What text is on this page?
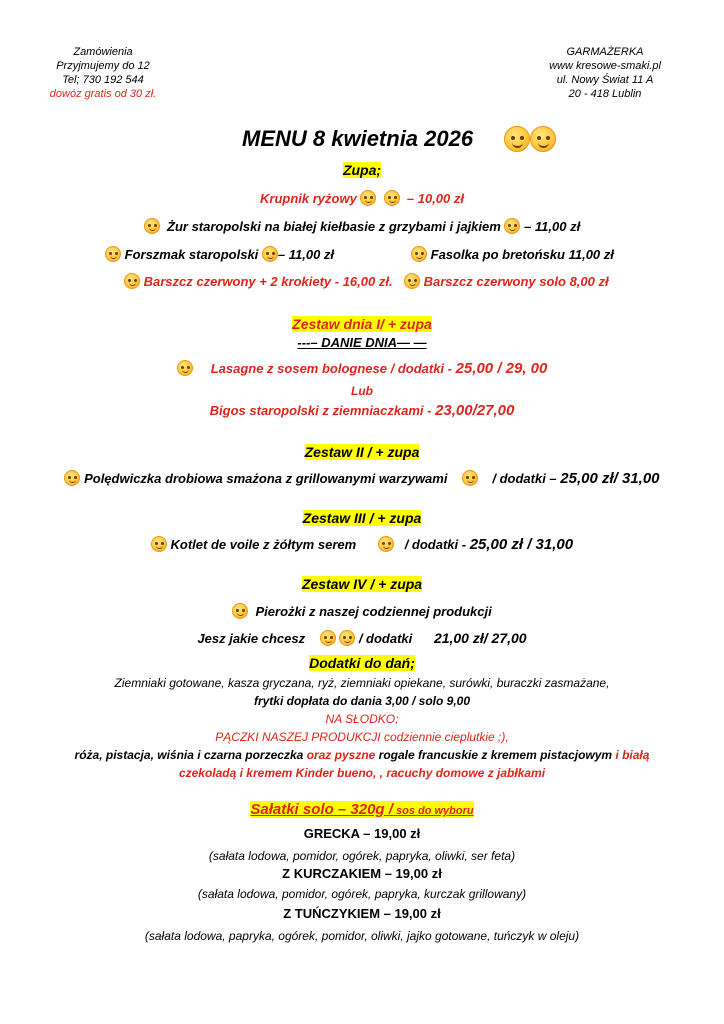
Zamówienia
Przyjmujemy do 12
Tel; 730 192 544
dowóz gratis od 30 zł.
GARMAŻERKA
www kresowe-smaki.pl
ul. Nowy Świat 11 A
20 - 418 Lublin
MENU 8 kwietnia 2026
Zupa;
Krupnik ryżowy	– 10,00 zł
Żur staropolski na białej kiełbasie z grzybami i jajkiem – 11,00 zł
Forszmak staropolski – 11,00 zł	Fasolka po bretońsku 11,00 zł
Barszcz czerwony + 2 krokiety - 16,00 zł.	Barszcz czerwony solo 8,00 zł
Zestaw dnia I/ + zupa
---– DANIE DNIA— —
Lasagne z sosem bolognese / dodatki - 25,00 / 29, 00
Lub
Bigos staropolski z ziemniaczkami - 23,00/27,00
Zestaw II / + zupa
Polędwiczka drobiowa smażona z grillowanymi warzywami	/ dodatki – 25,00 zł/ 31,00
Zestaw III / + zupa
Kotlet de voile z żółtym serem	/ dodatki - 25,00 zł / 31,00
Zestaw IV / + zupa
Pierożki z naszej codziennej produkcji
Jesz jakie chcesz	/ dodatki 21,00 zł/ 27,00
Dodatki do dań;
Ziemniaki gotowane, kasza gryczana, ryż, ziemniaki opiekane, surówki, buraczki zasmażane,
frytki dopłata do dania 3,00 / solo 9,00
NA SŁODKO;
PĄCZKI NASZEJ PRODUKCJI codziennie cieplutkie ;),
róża, pistacja, wiśnia i czarna porzeczka oraz pyszne rogale francuskie z kremem pistacjowym i białą
czekoladą i kremem Kinder bueno, , racuchy domowe z jabłkami
Sałatki solo – 320g / sos do wyboru
GRECKA – 19,00 zł
(sałata lodowa, pomidor, ogórek, papryka, oliwki, ser feta)
Z KURCZAKIEM – 19,00 zł
(sałata lodowa, pomidor, ogórek, papryka, kurczak grillowany)
Z TUŃCZYKIEM – 19,00 zł
(sałata lodowa, papryka, ogórek, pomidor, oliwki, jajko gotowane, tuńczyk w oleju)
